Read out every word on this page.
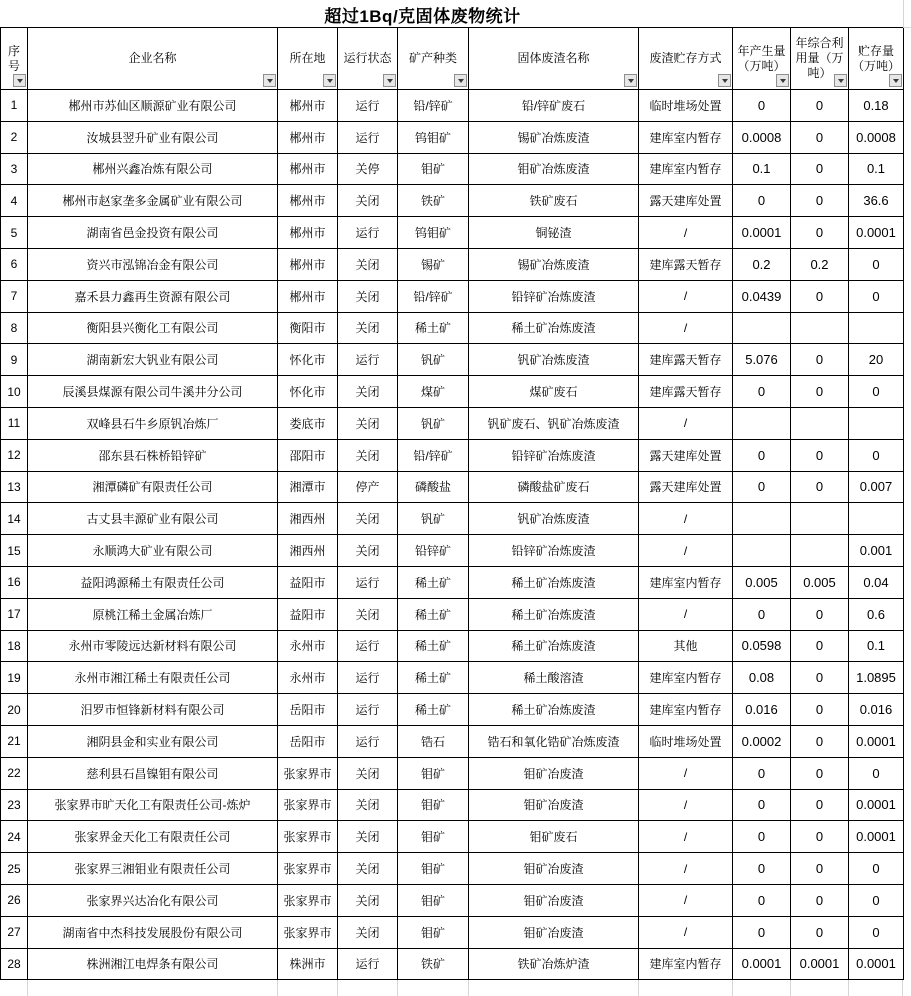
超过1Bq/克固体废物统计
序号	企业名称	所在地	运行状态	矿产种类	固体废渣名称	废渣贮存方式	年产生量（万吨）	年综合利用量（万吨）	贮存量（万吨）

1	郴州市苏仙区顺源矿业有限公司	郴州市	运行	铅/锌矿	铅/锌矿废石	临时堆场处置	0	0	0.18
2	汝城县翌升矿业有限公司	郴州市	运行	钨钼矿	锡矿冶炼废渣	建库室内暂存	0.0008	0	0.0008
3	郴州兴鑫冶炼有限公司	郴州市	关停	钼矿	钼矿冶炼废渣	建库室内暂存	0.1	0	0.1
4	郴州市赵家垄多金属矿业有限公司	郴州市	关闭	铁矿	铁矿废石	露天建库处置	0	0	36.6
5	湖南省邑金投资有限公司	郴州市	运行	钨钼矿	铜铋渣	/	0.0001	0	0.0001
6	资兴市泓锦冶金有限公司	郴州市	关闭	锡矿	锡矿冶炼废渣	建库露天暂存	0.2	0.2	0
7	嘉禾县力鑫再生资源有限公司	郴州市	关闭	铅/锌矿	铅锌矿冶炼废渣	/	0.0439	0	0
8	衡阳县兴衡化工有限公司	衡阳市	关闭	稀土矿	稀土矿冶炼废渣	/			
9	湖南新宏大钒业有限公司	怀化市	运行	钒矿	钒矿冶炼废渣	建库露天暂存	5.076	0	20
10	辰溪县煤源有限公司牛溪井分公司	怀化市	关闭	煤矿	煤矿废石	建库露天暂存	0	0	0
11	双峰县石牛乡原钒冶炼厂	娄底市	关闭	钒矿	钒矿废石、钒矿冶炼废渣	/			
12	邵东县石株桥铅锌矿	邵阳市	关闭	铅/锌矿	铅锌矿冶炼废渣	露天建库处置	0	0	0
13	湘潭磷矿有限责任公司	湘潭市	停产	磷酸盐	磷酸盐矿废石	露天建库处置	0	0	0.007
14	古丈县丰源矿业有限公司	湘西州	关闭	钒矿	钒矿冶炼废渣	/			
15	永顺鸿大矿业有限公司	湘西州	关闭	铅锌矿	铅锌矿冶炼废渣	/			0.001
16	益阳鸿源稀土有限责任公司	益阳市	运行	稀土矿	稀土矿冶炼废渣	建库室内暂存	0.005	0.005	0.04
17	原桃江稀土金属冶炼厂	益阳市	关闭	稀土矿	稀土矿冶炼废渣	/	0	0	0.6
18	永州市零陵远达新材料有限公司	永州市	运行	稀土矿	稀土矿冶炼废渣	其他	0.0598	0	0.1
19	永州市湘江稀土有限责任公司	永州市	运行	稀土矿	稀土酸溶渣	建库室内暂存	0.08	0	1.0895
20	汨罗市恒锋新材料有限公司	岳阳市	运行	稀土矿	稀土矿冶炼废渣	建库室内暂存	0.016	0	0.016
21	湘阴县金和实业有限公司	岳阳市	运行	锆石	锆石和氧化锆矿冶炼废渣	临时堆场处置	0.0002	0	0.0001
22	慈利县石昌镍钼有限公司	张家界市	关闭	钼矿	钼矿冶废渣	/	0	0	0
23	张家界市旷天化工有限责任公司-炼炉	张家界市	关闭	钼矿	钼矿冶废渣	/	0	0	0.0001
24	张家界金天化工有限责任公司	张家界市	关闭	钼矿	钼矿废石	/	0	0	0.0001
25	张家界三湘钼业有限责任公司	张家界市	关闭	钼矿	钼矿冶废渣	/	0	0	0
26	张家界兴达冶化有限公司	张家界市	关闭	钼矿	钼矿冶废渣	/	0	0	0
27	湖南省中杰科技发展股份有限公司	张家界市	关闭	钼矿	钼矿冶废渣	/	0	0	0
28	株洲湘江电焊条有限公司	株洲市	运行	铁矿	铁矿冶炼炉渣	建库室内暂存	0.0001	0.0001	0.0001
